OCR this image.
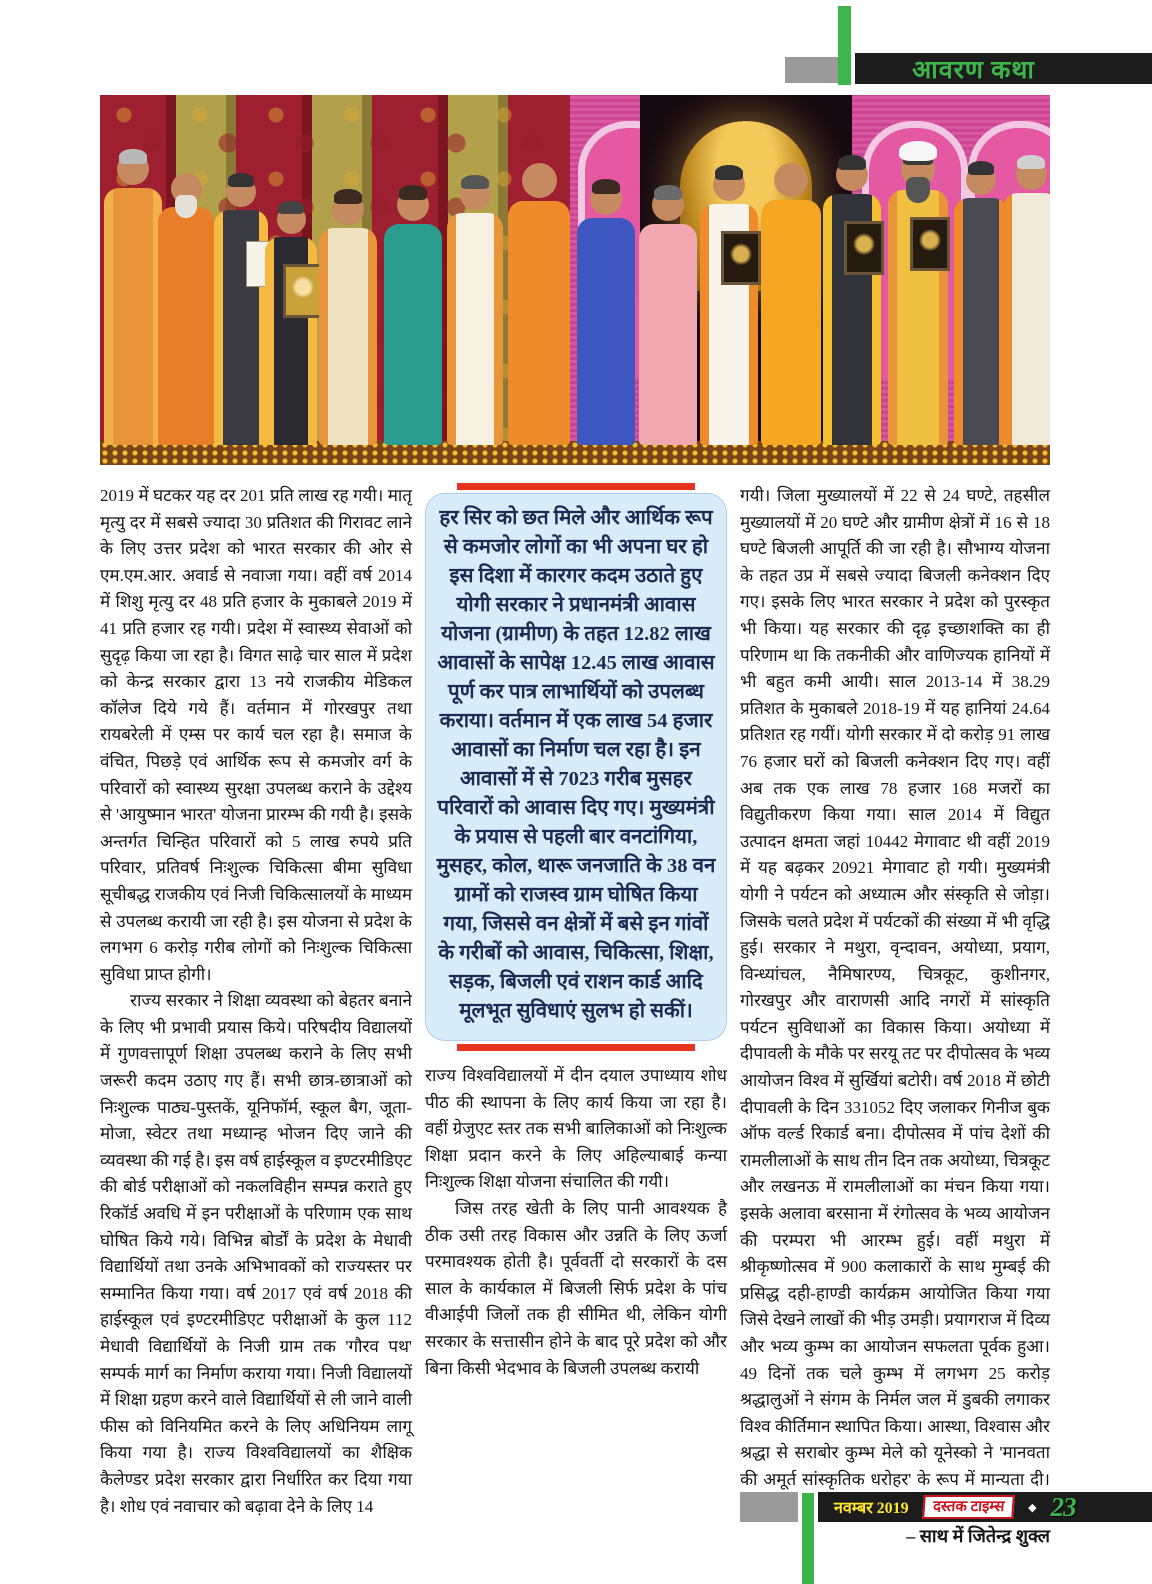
आवरण कथा

2019 में घटकर यह दर 201 प्रति लाख रह गयी। मातृ मृत्यु दर में सबसे ज्यादा 30 प्रतिशत की गिरावट लाने के लिए उत्तर प्रदेश को भारत सरकार की ओर से एम.एम.आर. अवार्ड से नवाजा गया। वहीं वर्ष 2014 में शिशु मृत्यु दर 48 प्रति हजार के मुकाबले 2019 में 41 प्रति हजार रह गयी। प्रदेश में स्वास्थ्य सेवाओं को सुदृढ़ किया जा रहा है। विगत साढ़े चार साल में प्रदेश को केन्द्र सरकार द्वारा 13 नये राजकीय मेडिकल कॉलेज दिये गये हैं। वर्तमान में गोरखपुर तथा रायबरेली में एम्स पर कार्य चल रहा है। समाज के वंचित, पिछड़े एवं आर्थिक रूप से कमजोर वर्ग के परिवारों को स्वास्थ्य सुरक्षा उपलब्ध कराने के उद्देश्य से 'आयुष्मान भारत' योजना प्रारम्भ की गयी है। इसके अन्तर्गत चिन्हित परिवारों को 5 लाख रुपये प्रति परिवार, प्रतिवर्ष निःशुल्क चिकित्सा बीमा सुविधा सूचीबद्ध राजकीय एवं निजी चिकित्सालयों के माध्यम से उपलब्ध करायी जा रही है। इस योजना से प्रदेश के लगभग 6 करोड़ गरीब लोगों को निःशुल्क चिकित्सा सुविधा प्राप्त होगी।

राज्य सरकार ने शिक्षा व्यवस्था को बेहतर बनाने के लिए भी प्रभावी प्रयास किये। परिषदीय विद्यालयों में गुणवत्तापूर्ण शिक्षा उपलब्ध कराने के लिए सभी जरूरी कदम उठाए गए हैं। सभी छात्र-छात्राओं को निःशुल्क पाठ्य-पुस्तकें, यूनिफॉर्म, स्कूल बैग, जूता-मोजा, स्वेटर तथा मध्यान्ह भोजन दिए जाने की व्यवस्था की गई है। इस वर्ष हाईस्कूल व इण्टरमीडिएट की बोर्ड परीक्षाओं को नकलविहीन सम्पन्न कराते हुए रिकॉर्ड अवधि में इन परीक्षाओं के परिणाम एक साथ घोषित किये गये। विभिन्न बोर्डों के प्रदेश के मेधावी विद्यार्थियों तथा उनके अभिभावकों को राज्यस्तर पर सम्मानित किया गया। वर्ष 2017 एवं वर्ष 2018 की हाईस्कूल एवं इण्टरमीडिएट परीक्षाओं के कुल 112 मेधावी विद्यार्थियों के निजी ग्राम तक 'गौरव पथ' सम्पर्क मार्ग का निर्माण कराया गया। निजी विद्यालयों में शिक्षा ग्रहण करने वाले विद्यार्थियों से ली जाने वाली फीस को विनियमित करने के लिए अधिनियम लागू किया गया है। राज्य विश्वविद्यालयों का शैक्षिक कैलेण्डर प्रदेश सरकार द्वारा निर्धारित कर दिया गया है। शोध एवं नवाचार को बढ़ावा देने के लिए 14

हर सिर को छत मिले और आर्थिक रूप से कमजोर लोगों का भी अपना घर हो इस दिशा में कारगर कदम उठाते हुए योगी सरकार ने प्रधानमंत्री आवास योजना (ग्रामीण) के तहत 12.82 लाख आवासों के सापेक्ष 12.45 लाख आवास पूर्ण कर पात्र लाभार्थियों को उपलब्ध कराया। वर्तमान में एक लाख 54 हजार आवासों का निर्माण चल रहा है। इन आवासों में से 7023 गरीब मुसहर परिवारों को आवास दिए गए। मुख्यमंत्री के प्रयास से पहली बार वनटांगिया, मुसहर, कोल, थारू जनजाति के 38 वन ग्रामों को राजस्व ग्राम घोषित किया गया, जिससे वन क्षेत्रों में बसे इन गांवों के गरीबों को आवास, चिकित्सा, शिक्षा, सड़क, बिजली एवं राशन कार्ड आदि मूलभूत सुविधाएं सुलभ हो सकीं।

राज्य विश्वविद्यालयों में दीन दयाल उपाध्याय शोध पीठ की स्थापना के लिए कार्य किया जा रहा है। वहीं ग्रेजुएट स्तर तक सभी बालिकाओं को निःशुल्क शिक्षा प्रदान करने के लिए अहिल्याबाई कन्या निःशुल्क शिक्षा योजना संचालित की गयी।

जिस तरह खेती के लिए पानी आवश्यक है ठीक उसी तरह विकास और उन्नति के लिए ऊर्जा परमावश्यक होती है। पूर्ववर्ती दो सरकारों के दस साल के कार्यकाल में बिजली सिर्फ प्रदेश के पांच वीआईपी जिलों तक ही सीमित थी, लेकिन योगी सरकार के सत्तासीन होने के बाद पूरे प्रदेश को और बिना किसी भेदभाव के बिजली उपलब्ध करायी

गयी। जिला मुख्यालयों में 22 से 24 घण्टे, तहसील मुख्यालयों में 20 घण्टे और ग्रामीण क्षेत्रों में 16 से 18 घण्टे बिजली आपूर्ति की जा रही है। सौभाग्य योजना के तहत उप्र में सबसे ज्यादा बिजली कनेक्शन दिए गए। इसके लिए भारत सरकार ने प्रदेश को पुरस्कृत भी किया। यह सरकार की दृढ़ इच्छाशक्ति का ही परिणाम था कि तकनीकी और वाणिज्यक हानियों में भी बहुत कमी आयी। साल 2013-14 में 38.29 प्रतिशत के मुकाबले 2018-19 में यह हानियां 24.64 प्रतिशत रह गयीं। योगी सरकार में दो करोड़ 91 लाख 76 हजार घरों को बिजली कनेक्शन दिए गए। वहीं अब तक एक लाख 78 हजार 168 मजरों का विद्युतीकरण किया गया। साल 2014 में विद्युत उत्पादन क्षमता जहां 10442 मेगावाट थी वहीं 2019 में यह बढ़कर 20921 मेगावाट हो गयी। मुख्यमंत्री योगी ने पर्यटन को अध्यात्म और संस्कृति से जोड़ा। जिसके चलते प्रदेश में पर्यटकों की संख्या में भी वृद्धि हुई। सरकार ने मथुरा, वृन्दावन, अयोध्या, प्रयाग, विन्ध्यांचल, नैमिषारण्य, चित्रकूट, कुशीनगर, गोरखपुर और वाराणसी आदि नगरों में सांस्कृति पर्यटन सुविधाओं का विकास किया। अयोध्या में दीपावली के मौके पर सरयू तट पर दीपोत्सव के भव्य आयोजन विश्व में सुर्खियां बटोरी। वर्ष 2018 में छोटी दीपावली के दिन 331052 दिए जलाकर गिनीज बुक ऑफ वर्ल्ड रिकार्ड बना। दीपोत्सव में पांच देशों की रामलीलाओं के साथ तीन दिन तक अयोध्या, चित्रकूट और लखनऊ में रामलीलाओं का मंचन किया गया। इसके अलावा बरसाना में रंगोत्सव के भव्य आयोजन की परम्परा भी आरम्भ हुई। वहीं मथुरा में श्रीकृष्णोत्सव में 900 कलाकारों के साथ मुम्बई की प्रसिद्ध दही-हाण्डी कार्यक्रम आयोजित किया गया जिसे देखने लाखों की भीड़ उमड़ी। प्रयागराज में दिव्य और भव्य कुम्भ का आयोजन सफलता पूर्वक हुआ। 49 दिनों तक चले कुम्भ में लगभग 25 करोड़ श्रद्धालुओं ने संगम के निर्मल जल में डुबकी लगाकर विश्व कीर्तिमान स्थापित किया। आस्था, विश्वास और श्रद्धा से सराबोर कुम्भ मेले को यूनेस्को ने 'मानवता की अमूर्त सांस्कृतिक धरोहर' के रूप में मान्यता दी।

– साथ में जितेन्द्र शुक्ल

नवम्बर 2019	दस्तक टाइम्स	◆ 23
